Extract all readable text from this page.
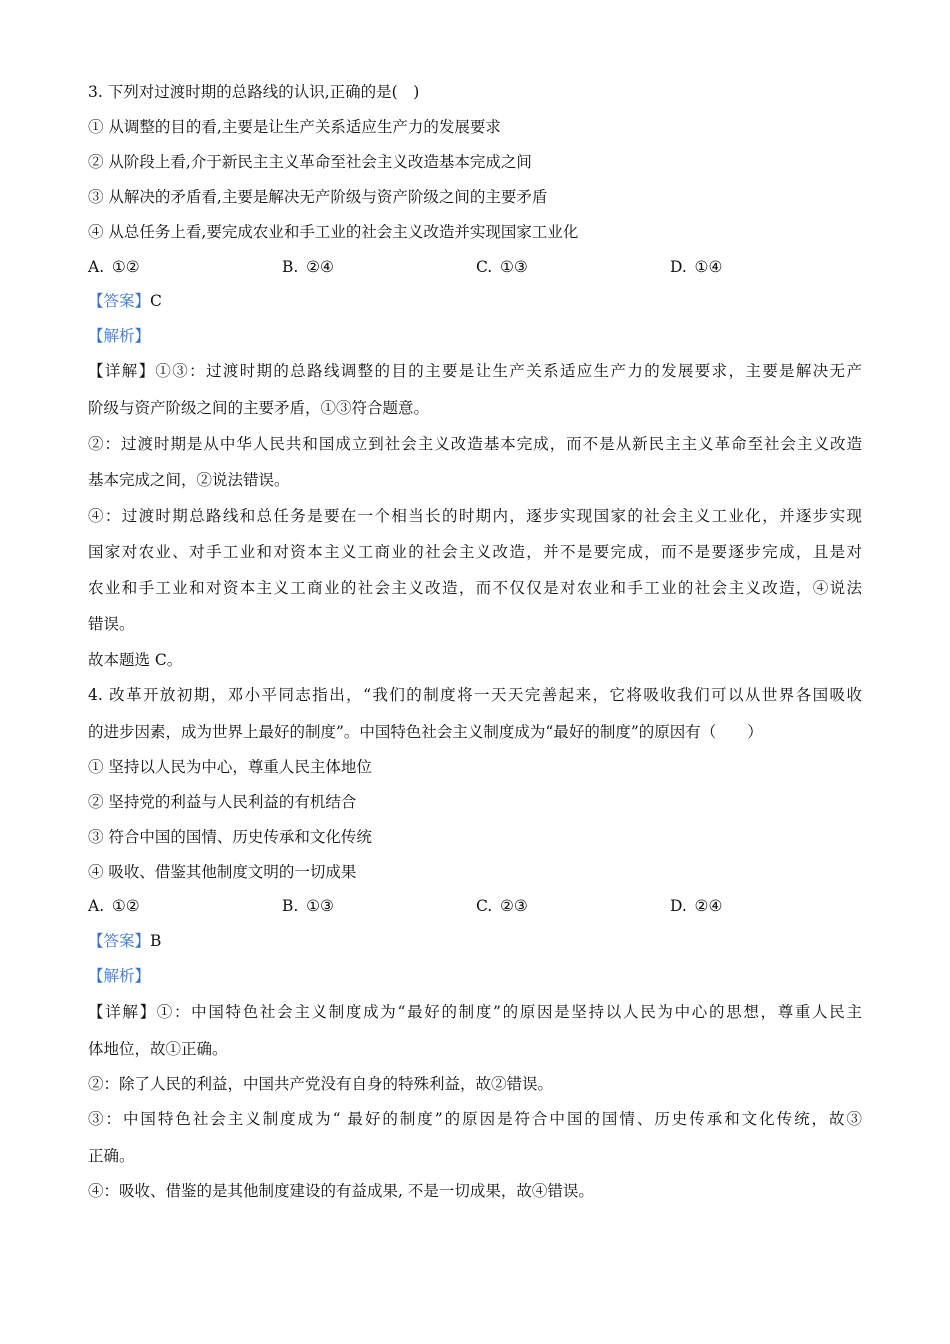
3. 下列对过渡时期的总路线的认识,正确的是(　)
① 从调整的目的看,主要是让生产关系适应生产力的发展要求
② 从阶段上看,介于新民主主义革命至社会主义改造基本完成之间
③ 从解决的矛盾看,主要是解决无产阶级与资产阶级之间的主要矛盾
④ 从总任务上看,要完成农业和手工业的社会主义改造并实现国家工业化
A. ①②	B. ②④	C. ①③	D. ①④
【答案】C
【解析】
【详解】①③：过渡时期的总路线调整的目的主要是让生产关系适应生产力的发展要求，主要是解决无产
阶级与资产阶级之间的主要矛盾，①③符合题意。
②：过渡时期是从中华人民共和国成立到社会主义改造基本完成，而不是从新民主主义革命至社会主义改造
基本完成之间，②说法错误。
④：过渡时期总路线和总任务是要在一个相当长的时期内，逐步实现国家的社会主义工业化，并逐步实现
国家对农业、对手工业和对资本主义工商业的社会主义改造，并不是要完成，而不是要逐步完成，且是对
农业和手工业和对资本主义工商业的社会主义改造，而不仅仅是对农业和手工业的社会主义改造，④说法
错误。
故本题选 C。
4. 改革开放初期，邓小平同志指出，“我们的制度将一天天完善起来，它将吸收我们可以从世界各国吸收
的进步因素，成为世界上最好的制度”。中国特色社会主义制度成为“最好的制度”的原因有（　　）
① 坚持以人民为中心，尊重人民主体地位
② 坚持党的利益与人民利益的有机结合
③ 符合中国的国情、历史传承和文化传统
④ 吸收、借鉴其他制度文明的一切成果
A. ①②	B. ①③	C. ②③	D. ②④
【答案】B
【解析】
【详解】①：中国特色社会主义制度成为“最好的制度”的原因是坚持以人民为中心的思想，尊重人民主
体地位，故①正确。
②：除了人民的利益，中国共产党没有自身的特殊利益，故②错误。
③：中国特色社会主义制度成为“ 最好的制度”的原因是符合中国的国情、历史传承和文化传统，故③
正确。
④：吸收、借鉴的是其他制度建设的有益成果, 不是一切成果，故④错误。
